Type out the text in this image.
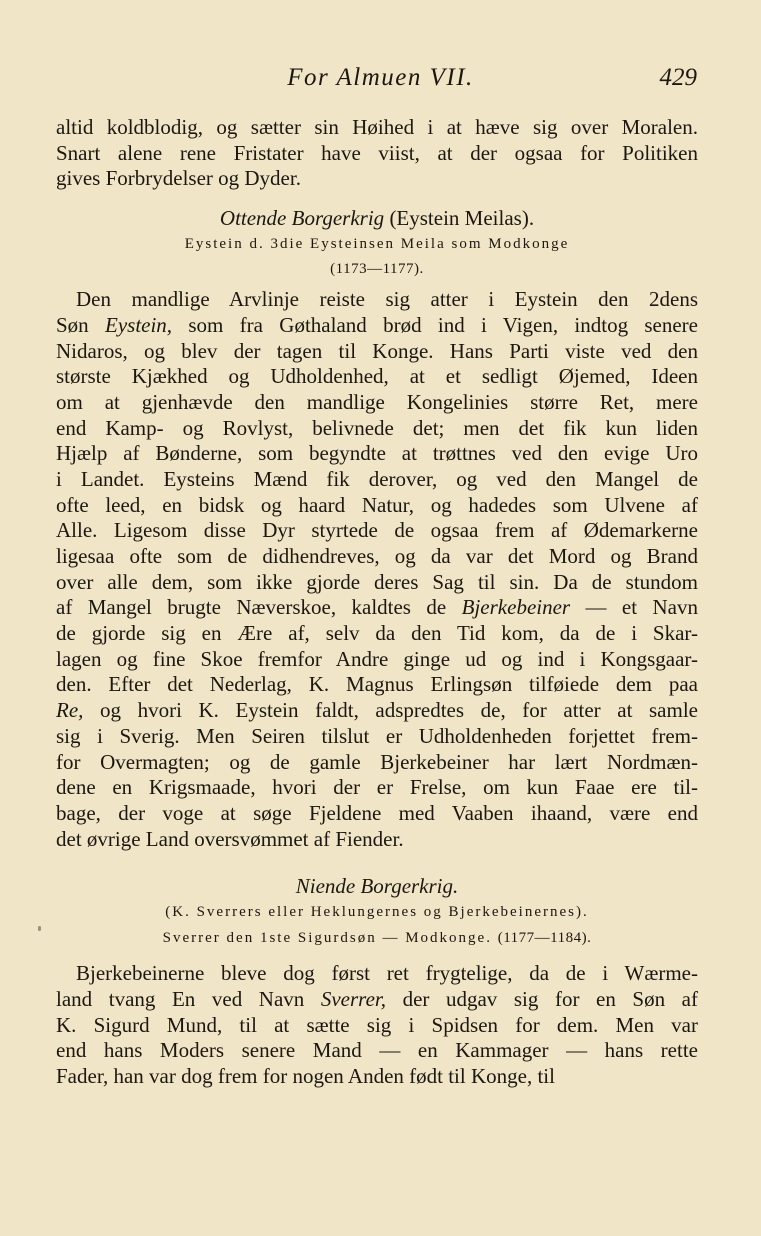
For Almuen VII.	429
altid koldblodig, og sætter sin Høihed i at hæve sig over Moralen.
Snart alene rene Fristater have viist, at der ogsaa for Politiken
gives Forbrydelser og Dyder.
Ottende Borgerkrig (Eystein Meilas).
Eystein d. 3die Eysteinsen Meila som Modkonge
(1173—1177).
Den mandlige Arvlinje reiste sig atter i Eystein den 2dens
Søn Eystein, som fra Gøthaland brød ind i Vigen, indtog senere
Nidaros, og blev der tagen til Konge. Hans Parti viste ved den
største Kjækhed og Udholdenhed, at et sedligt Øjemed, Ideen
om at gjenhævde den mandlige Kongelinies større Ret, mere
end Kamp- og Rovlyst, belivnede det; men det fik kun liden
Hjælp af Bønderne, som begyndte at trøttnes ved den evige Uro
i Landet. Eysteins Mænd fik derover, og ved den Mangel de
ofte leed, en bidsk og haard Natur, og hadedes som Ulvene af
Alle. Ligesom disse Dyr styrtede de ogsaa frem af Ødemarkerne
ligesaa ofte som de didhendreves, og da var det Mord og Brand
over alle dem, som ikke gjorde deres Sag til sin. Da de stundom
af Mangel brugte Næverskoe, kaldtes de Bjerkebeiner — et Navn
de gjorde sig en Ære af, selv da den Tid kom, da de i Skar-
lagen og fine Skoe fremfor Andre ginge ud og ind i Kongsgaar-
den. Efter det Nederlag, K. Magnus Erlingsøn tilføiede dem paa
Re, og hvori K. Eystein faldt, adspredtes de, for atter at samle
sig i Sverig. Men Seiren tilslut er Udholdenheden forjettet frem-
for Overmagten; og de gamle Bjerkebeiner har lært Nordmæn-
dene en Krigsmaade, hvori der er Frelse, om kun Faae ere til-
bage, der voge at søge Fjeldene med Vaaben ihaand, være end
det øvrige Land oversvømmet af Fiender.
Niende Borgerkrig.
(K. Sverrers eller Heklungernes og Bjerkebeinernes).
Sverrer den 1ste Sigurdsøn — Modkonge. (1177—1184).
Bjerkebeinerne bleve dog først ret frygtelige, da de i Wærme-
land tvang En ved Navn Sverrer, der udgav sig for en Søn af
K. Sigurd Mund, til at sætte sig i Spidsen for dem. Men var
end hans Moders senere Mand — en Kammager — hans rette
Fader, han var dog frem for nogen Anden født til Konge, til
